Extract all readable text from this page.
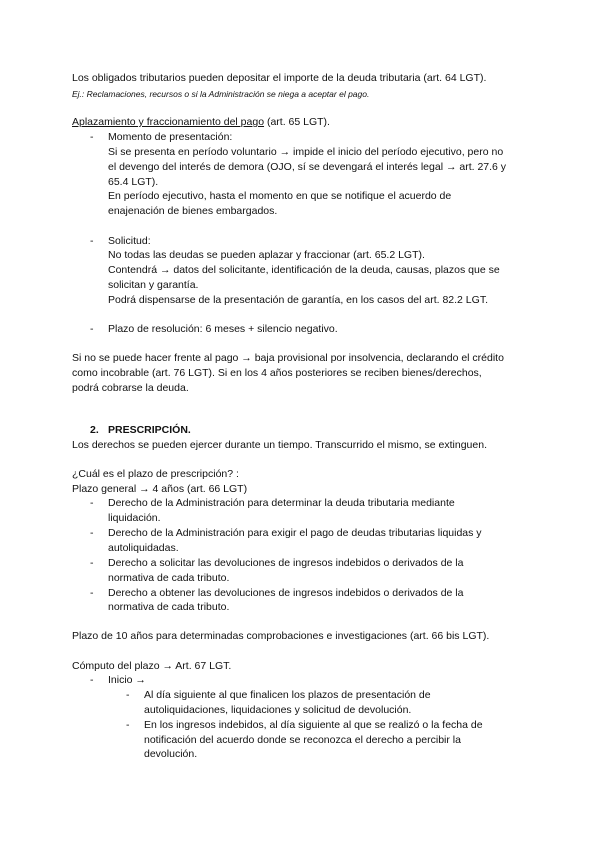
Los obligados tributarios pueden depositar el importe de la deuda tributaria (art. 64 LGT).
Ej.: Reclamaciones, recursos o si la Administración se niega a aceptar el pago.
Aplazamiento y fraccionamiento del pago (art. 65 LGT).
- Momento de presentación:
Si se presenta en período voluntario → impide el inicio del período ejecutivo, pero no
el devengo del interés de demora (OJO, sí se devengará el interés legal → art. 27.6 y
65.4 LGT).
En período ejecutivo, hasta el momento en que se notifique el acuerdo de
enajenación de bienes embargados.
- Solicitud:
No todas las deudas se pueden aplazar y fraccionar (art. 65.2 LGT).
Contendrá → datos del solicitante, identificación de la deuda, causas, plazos que se
solicitan y garantía.
Podrá dispensarse de la presentación de garantía, en los casos del art. 82.2 LGT.
- Plazo de resolución: 6 meses + silencio negativo.
Si no se puede hacer frente al pago → baja provisional por insolvencia, declarando el crédito
como incobrable (art. 76 LGT). Si en los 4 años posteriores se reciben bienes/derechos,
podrá cobrarse la deuda.
2. PRESCRIPCIÓN.
Los derechos se pueden ejercer durante un tiempo. Transcurrido el mismo, se extinguen.
¿Cuál es el plazo de prescripción? :
Plazo general → 4 años (art. 66 LGT)
- Derecho de la Administración para determinar la deuda tributaria mediante
liquidación.
- Derecho de la Administración para exigir el pago de deudas tributarias liquidas y
autoliquidadas.
- Derecho a solicitar las devoluciones de ingresos indebidos o derivados de la
normativa de cada tributo.
- Derecho a obtener las devoluciones de ingresos indebidos o derivados de la
normativa de cada tributo.
Plazo de 10 años para determinadas comprobaciones e investigaciones (art. 66 bis LGT).
Cómputo del plazo → Art. 67 LGT.
- Inicio →
- Al día siguiente al que finalicen los plazos de presentación de
autoliquidaciones, liquidaciones y solicitud de devolución.
- En los ingresos indebidos, al día siguiente al que se realizó o la fecha de
notificación del acuerdo donde se reconozca el derecho a percibir la
devolución.
